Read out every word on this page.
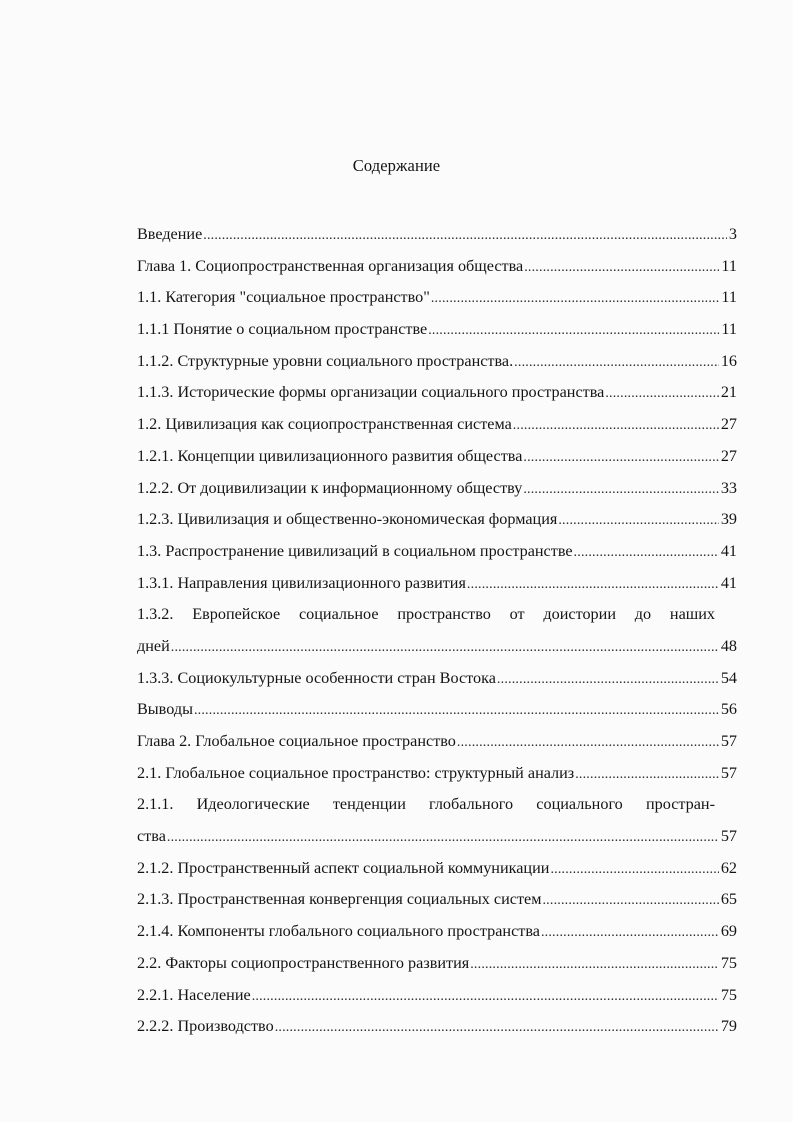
Содержание
Введение .....	3
Глава 1. Социопространственная организация общества .....	11
1.1. Категория "социальное пространство" .....	11
1.1.1 Понятие о социальном пространстве .....	11
1.1.2. Структурные уровни социального пространства. .....	16
1.1.3. Исторические формы организации социального пространства .....	21
1.2. Цивилизация как социопространственная система .....	27
1.2.1. Концепции цивилизационного развития общества .....	27
1.2.2. От доцивилизации к информационному обществу .....	33
1.2.3. Цивилизация и общественно-экономическая формация .....	39
1.3. Распространение цивилизаций в социальном пространстве .....	41
1.3.1. Направления цивилизационного развития .....	41
1.3.2. Европейское социальное пространство от доистории до наших
дней .....	48
1.3.3. Социокультурные особенности стран Востока .....	54
Выводы .....	56
Глава 2. Глобальное социальное пространство .....	57
2.1. Глобальное социальное пространство: структурный анализ .....	57
2.1.1. Идеологические тенденции глобального социального простран-
ства .....	57
2.1.2. Пространственный аспект социальной коммуникации .....	62
2.1.3. Пространственная конвергенция социальных систем .....	65
2.1.4. Компоненты глобального социального пространства .....	69
2.2. Факторы социопространственного развития .....	75
2.2.1. Население .....	75
2.2.2. Производство .....	79
